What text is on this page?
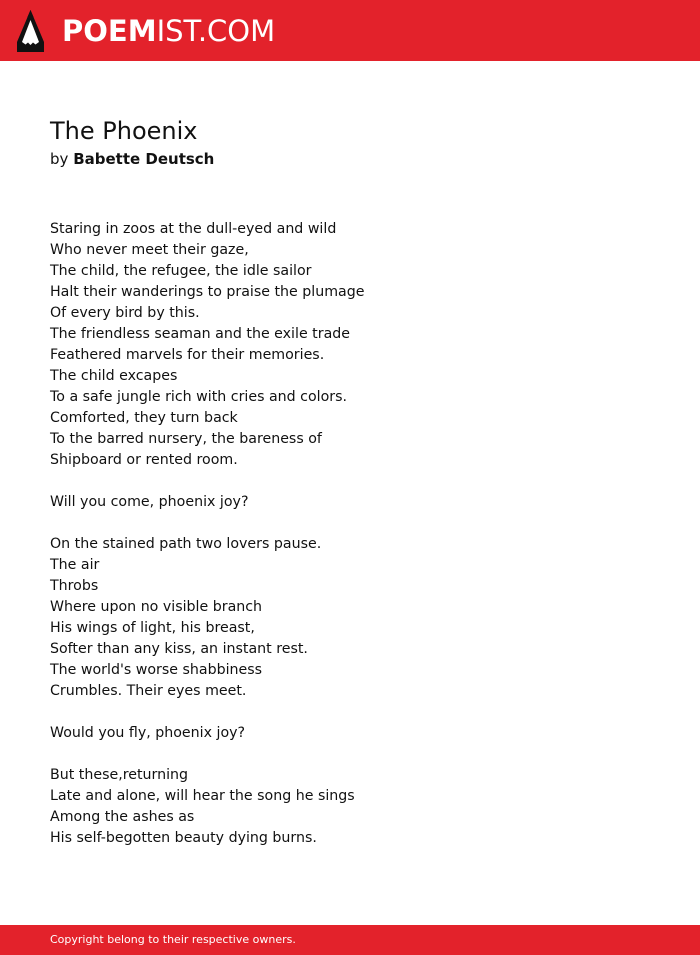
POEMIST.COM
The Phoenix
by Babette Deutsch
Staring in zoos at the dull-eyed and wild
Who never meet their gaze,
The child, the refugee, the idle sailor
Halt their wanderings to praise the plumage
Of every bird by this.
The friendless seaman and the exile trade
Feathered marvels for their memories.
The child excapes
To a safe jungle rich with cries and colors.
Comforted, they turn back
To the barred nursery, the bareness of
Shipboard or rented room.
Will you come, phoenix joy?
On the stained path two lovers pause.
The air
Throbs
Where upon no visible branch
His wings of light, his breast,
Softer than any kiss, an instant rest.
The world's worse shabbiness
Crumbles. Their eyes meet.
Would you fly, phoenix joy?
But these,returning
Late and alone, will hear the song he sings
Among the ashes as
His self-begotten beauty dying burns.
Copyright belong to their respective owners.
